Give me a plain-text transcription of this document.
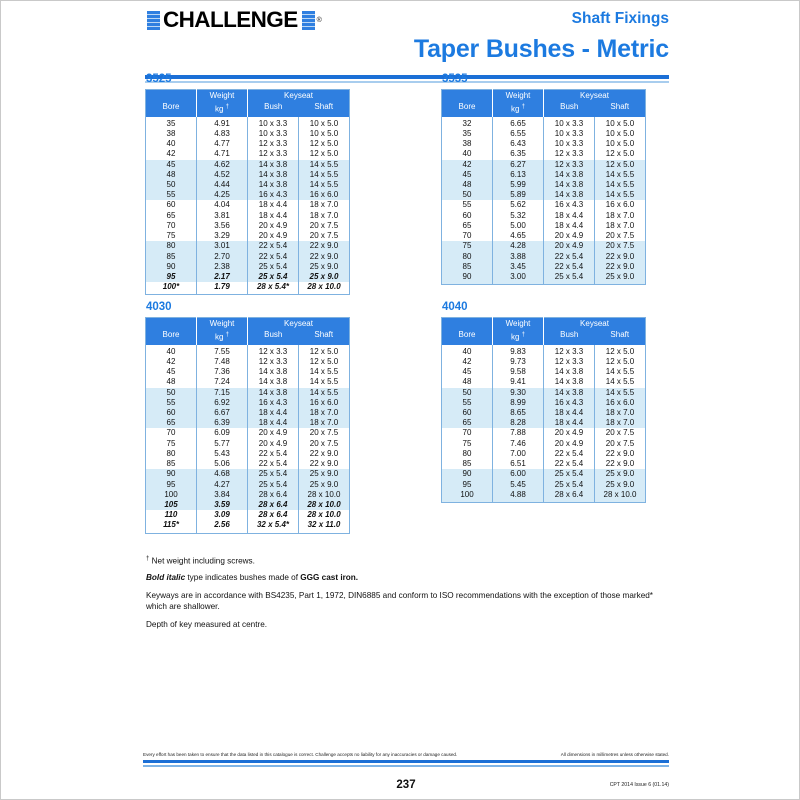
CHALLENGE	®	Shaft Fixings
Taper Bushes - Metric
3525
	Weight	Keyseat	
Bore	kg †	Bush	Shaft
35	4.91	10 x 3.3	10 x 5.0
38	4.83	10 x 3.3	10 x 5.0
40	4.77	12 x 3.3	12 x 5.0
42	4.71	12 x 3.3	12 x 5.0
45	4.62	14 x 3.8	14 x 5.5
48	4.52	14 x 3.8	14 x 5.5
50	4.44	14 x 3.8	14 x 5.5
55	4.25	16 x 4.3	16 x 6.0
60	4.04	18 x 4.4	18 x 7.0
65	3.81	18 x 4.4	18 x 7.0
70	3.56	20 x 4.9	20 x 7.5
75	3.29	20 x 4.9	20 x 7.5
80	3.01	22 x 5.4	22 x 9.0
85	2.70	22 x 5.4	22 x 9.0
90	2.38	25 x 5.4	25 x 9.0
95	2.17	25 x 5.4	25 x 9.0
100*	1.79	28 x 5.4*	28 x 10.0
3535
	Weight	Keyseat	
Bore	kg †	Bush	Shaft
32	6.65	10 x 3.3	10 x 5.0
35	6.55	10 x 3.3	10 x 5.0
38	6.43	10 x 3.3	10 x 5.0
40	6.35	12 x 3.3	12 x 5.0
42	6.27	12 x 3.3	12 x 5.0
45	6.13	14 x 3.8	14 x 5.5
48	5.99	14 x 3.8	14 x 5.5
50	5.89	14 x 3.8	14 x 5.5
55	5.62	16 x 4.3	16 x 6.0
60	5.32	18 x 4.4	18 x 7.0
65	5.00	18 x 4.4	18 x 7.0
70	4.65	20 x 4.9	20 x 7.5
75	4.28	20 x 4.9	20 x 7.5
80	3.88	22 x 5.4	22 x 9.0
85	3.45	22 x 5.4	22 x 9.0
90	3.00	25 x 5.4	25 x 9.0
4030
	Weight	Keyseat	
Bore	kg †	Bush	Shaft
40	7.55	12 x 3.3	12 x 5.0
42	7.48	12 x 3.3	12 x 5.0
45	7.36	14 x 3.8	14 x 5.5
48	7.24	14 x 3.8	14 x 5.5
50	7.15	14 x 3.8	14 x 5.5
55	6.92	16 x 4.3	16 x 6.0
60	6.67	18 x 4.4	18 x 7.0
65	6.39	18 x 4.4	18 x 7.0
70	6.09	20 x 4.9	20 x 7.5
75	5.77	20 x 4.9	20 x 7.5
80	5.43	22 x 5.4	22 x 9.0
85	5.06	22 x 5.4	22 x 9.0
90	4.68	25 x 5.4	25 x 9.0
95	4.27	25 x 5.4	25 x 9.0
100	3.84	28 x 6.4	28 x 10.0
105	3.59	28 x 6.4	28 x 10.0
110	3.09	28 x 6.4	28 x 10.0
115*	2.56	32 x 5.4*	32 x 11.0
4040
	Weight	Keyseat	
Bore	kg †	Bush	Shaft
40	9.83	12 x 3.3	12 x 5.0
42	9.73	12 x 3.3	12 x 5.0
45	9.58	14 x 3.8	14 x 5.5
48	9.41	14 x 3.8	14 x 5.5
50	9.30	14 x 3.8	14 x 5.5
55	8.99	16 x 4.3	16 x 6.0
60	8.65	18 x 4.4	18 x 7.0
65	8.28	18 x 4.4	18 x 7.0
70	7.88	20 x 4.9	20 x 7.5
75	7.46	20 x 4.9	20 x 7.5
80	7.00	22 x 5.4	22 x 9.0
85	6.51	22 x 5.4	22 x 9.0
90	6.00	25 x 5.4	25 x 9.0
95	5.45	25 x 5.4	25 x 9.0
100	4.88	28 x 6.4	28 x 10.0

† Net weight including screws.

Bold italic type indicates bushes made of GGG cast iron.

Keyways are in accordance with BS4235, Part 1, 1972, DIN6885 and conform to ISO recommendations with the exception of those marked* which are shallower.

Depth of key measured at centre.

Every effort has been taken to ensure that the data listed in this catalogue is correct. Challenge accepts no liability for any inaccuracies or damage caused.	All dimensions in millimetres unless otherwise stated.
237	CPT 2014 Issue 6 (01.14)
